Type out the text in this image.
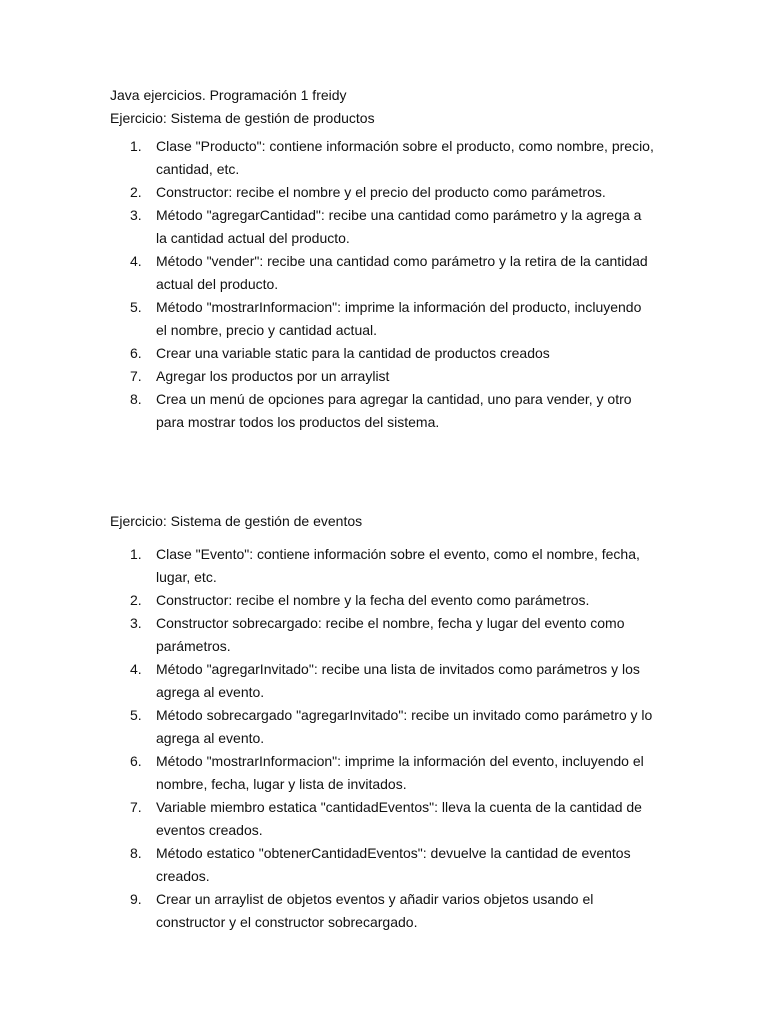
Java ejercicios. Programación 1 freidy
Ejercicio: Sistema de gestión de productos
1. Clase "Producto": contiene información sobre el producto, como nombre, precio, cantidad, etc.
2. Constructor: recibe el nombre y el precio del producto como parámetros.
3. Método "agregarCantidad": recibe una cantidad como parámetro y la agrega a la cantidad actual del producto.
4. Método "vender": recibe una cantidad como parámetro y la retira de la cantidad actual del producto.
5. Método "mostrarInformacion": imprime la información del producto, incluyendo el nombre, precio y cantidad actual.
6. Crear una variable static para la cantidad de productos creados
7. Agregar los productos por un arraylist
8. Crea un menú de opciones para agregar la cantidad, uno para vender, y otro para mostrar todos los productos del sistema.
Ejercicio: Sistema de gestión de eventos
1. Clase "Evento": contiene información sobre el evento, como el nombre, fecha, lugar, etc.
2. Constructor: recibe el nombre y la fecha del evento como parámetros.
3. Constructor sobrecargado: recibe el nombre, fecha y lugar del evento como parámetros.
4. Método "agregarInvitado": recibe una lista de invitados como parámetros y los agrega al evento.
5. Método sobrecargado "agregarInvitado": recibe un invitado como parámetro y lo agrega al evento.
6. Método "mostrarInformacion": imprime la información del evento, incluyendo el nombre, fecha, lugar y lista de invitados.
7. Variable miembro estatica "cantidadEventos": lleva la cuenta de la cantidad de eventos creados.
8. Método estatico "obtenerCantidadEventos": devuelve la cantidad de eventos creados.
9. Crear un arraylist de objetos eventos y añadir varios objetos usando el constructor y el constructor sobrecargado.
